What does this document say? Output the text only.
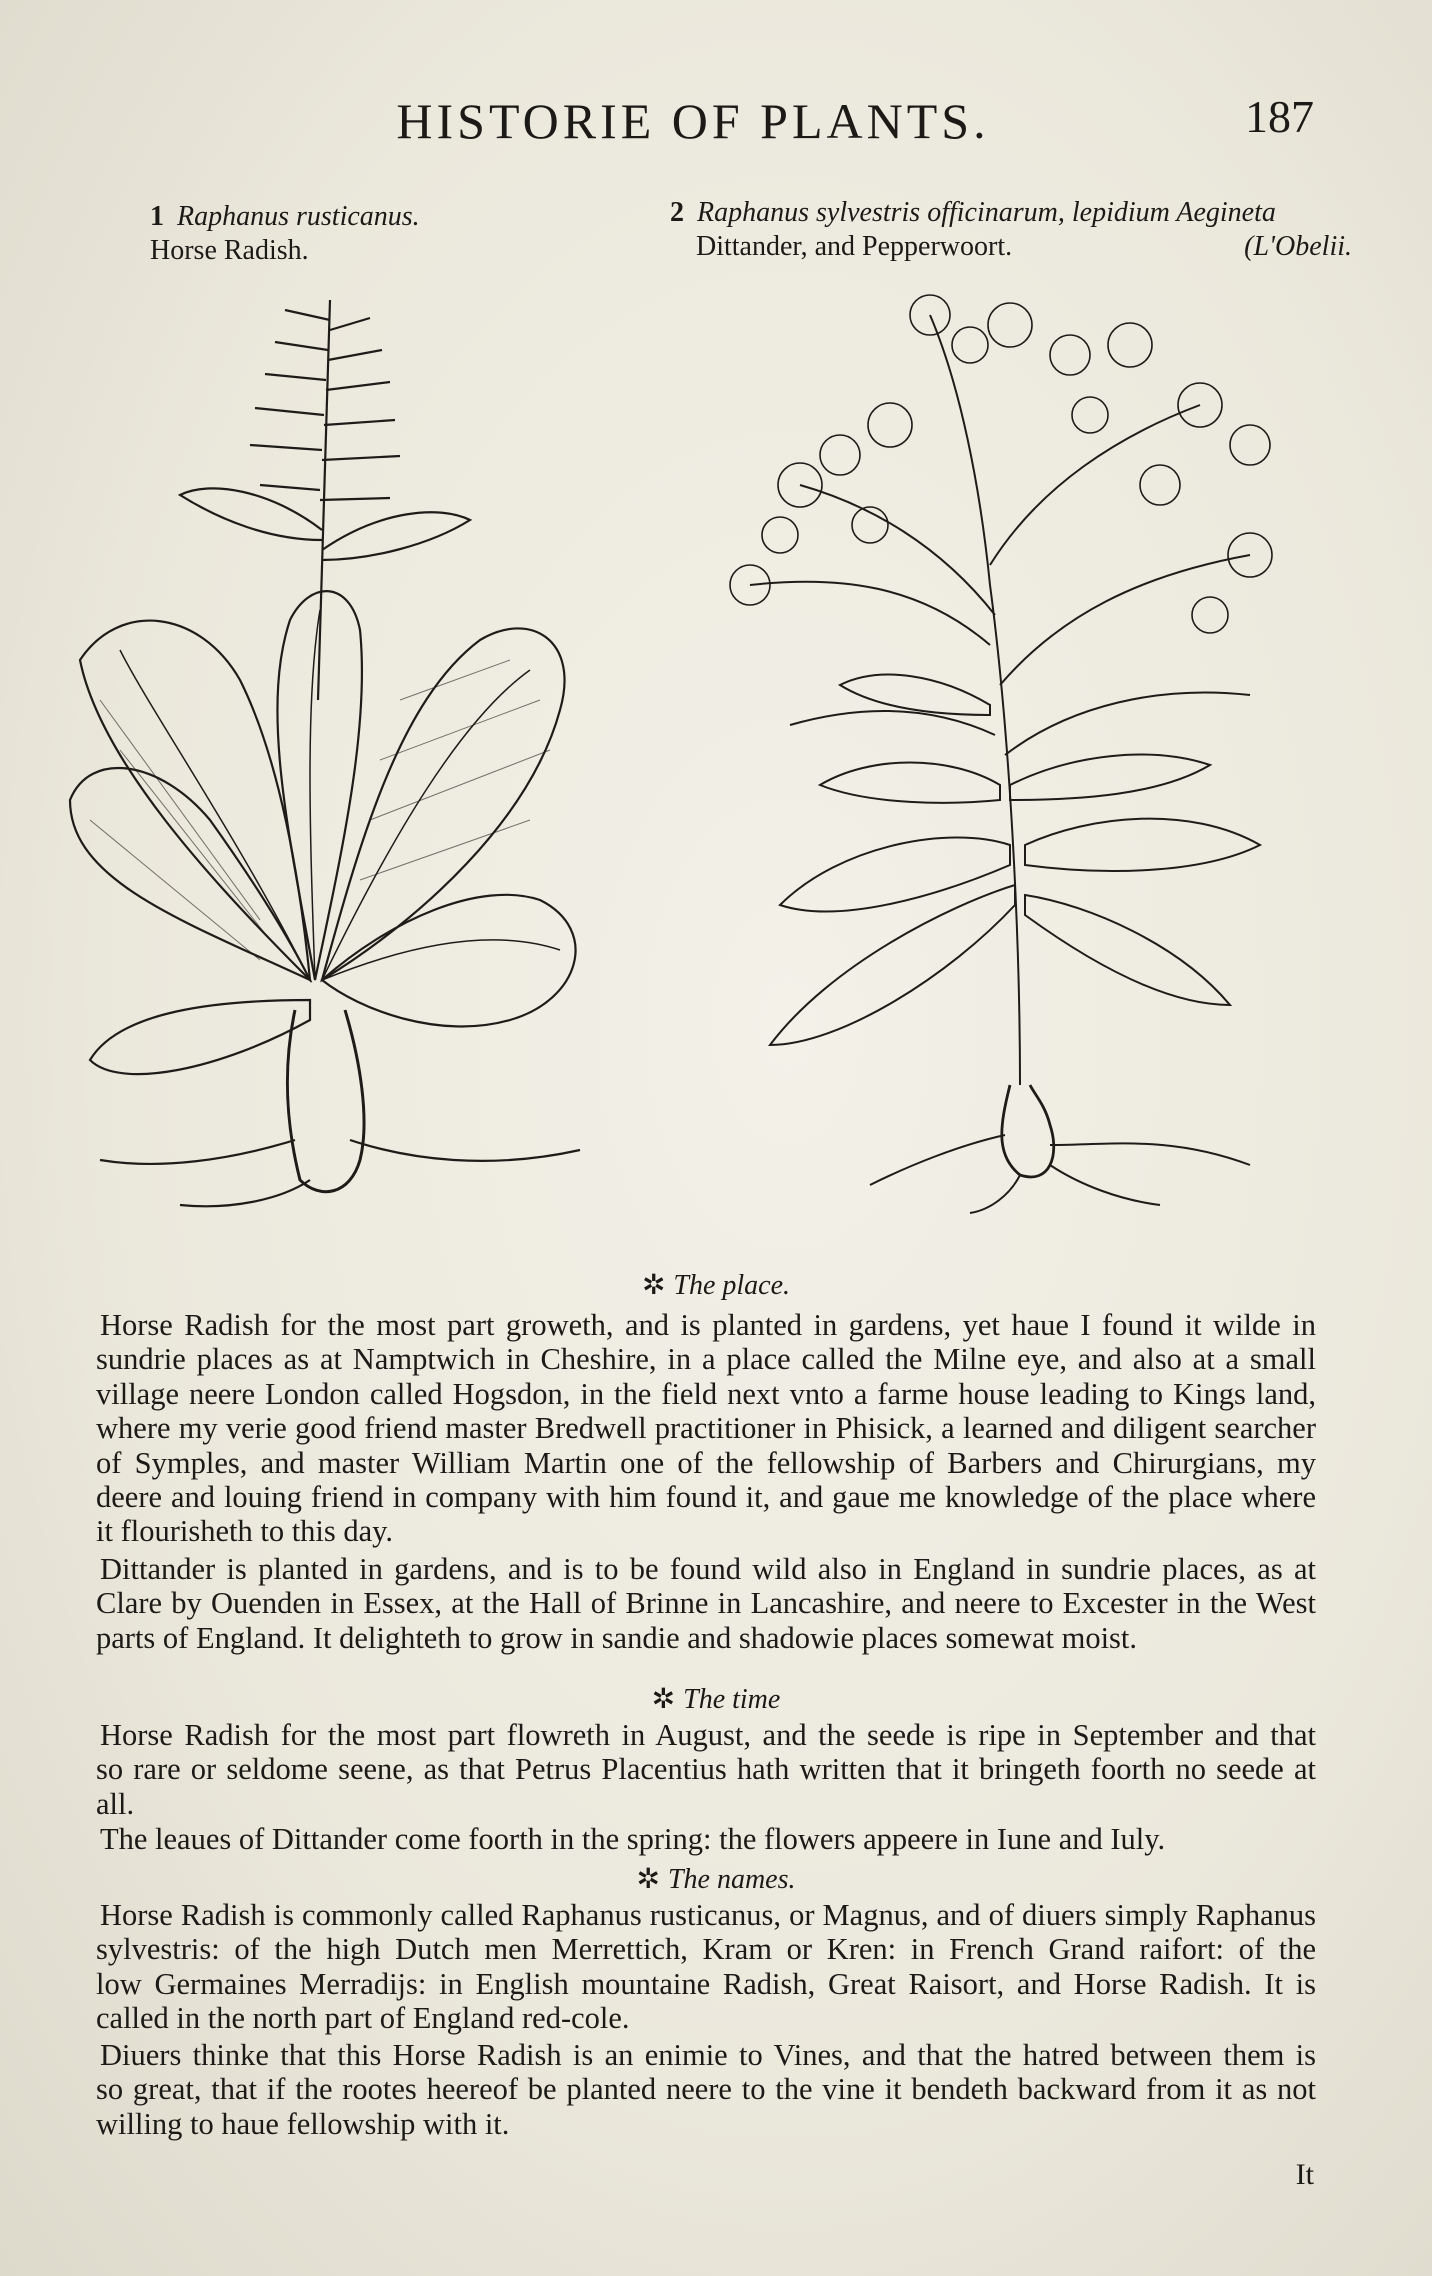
HISTORIE OF PLANTS.	187
1 Raphanus rusticanus.
Horse Radish.
2 Raphanus sylvestris officinarum, lepidium Aegineta
Dittander, and Pepperwoort.	(L'Obelii.
✲ The place.
Horse Radish for the most part groweth, and is planted in gardens, yet haue I found it wilde in
sundrie places as at Namptwich in Cheshire, in a place called the Milne eye, and also at a small
village neere London called Hogsdon, in the field next vnto a farme house leading to Kings land,
where my verie good friend master Bredwell practitioner in Phisick, a learned and diligent searcher
of Symples, and master William Martin one of the fellowship of Barbers and Chirurgians, my
deere and louing friend in company with him found it, and gaue me knowledge of the place where
it flourisheth to this day.
Dittander is planted in gardens, and is to be found wild also in England in sundrie places, as at
Clare by Ouenden in Essex, at the Hall of Brinne in Lancashire, and neere to Excester in the West
parts of England. It delighteth to grow in sandie and shadowie places somewat moist.
✲ The time
Horse Radish for the most part flowreth in August, and the seede is ripe in September and that
so rare or seldome seene, as that Petrus Placentius hath written that it bringeth foorth no seede at
all.
The leaues of Dittander come foorth in the spring: the flowers appeere in Iune and Iuly.
✲ The names.
Horse Radish is commonly called Raphanus rusticanus, or Magnus, and of diuers simply Raphanus
sylvestris: of the high Dutch men Merrettich, Kram or Kren: in French Grand raifort: of the
low Germaines Merradijs: in English mountaine Radish, Great Raisort, and Horse Radish. It is
called in the north part of England red-cole.
Diuers thinke that this Horse Radish is an enimie to Vines, and that the hatred between them is
so great, that if the rootes heereof be planted neere to the vine it bendeth backward from it as not
willing to haue fellowship with it.
It
